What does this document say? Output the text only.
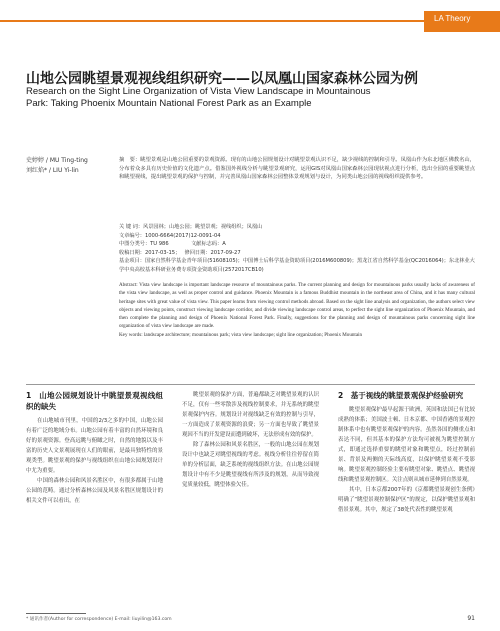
LA Theory
山地公园眺望景观视线组织研究——以凤凰山国家森林公园为例
Research on the Sight Line Organization of Vista View Landscape in Mountainous Park: Taking Phoenix Mountain National Forest Park as an Example
史婷婷 / MU Ting-ting
刘红焰* / LIU Yi-lin
摘　要：眺望景观是山地公园重要的景观资源。现有的山地公园规划设计对眺望景观认识不足，缺少视线的控制和引导。凤凰山作为东北地区佛教名山，分布着众多具有历史价值的文化遗产点。借鉴国外视线分析与眺望景观研究，运用GIS对凤凰山国家森林公园现状视点进行分析，选出全园的重要眺望点和眺望视线，提出眺望景观的保护与控制，并完善凤凰山国家森林公园整体景观规划与设计，为同类山地公园的视线组织提供参考。
关 键 词：风景园林；山地公园；眺望景观；视线组织；凤凰山
文章编号：1000-6664(2017)12-0091-04
中图分类号：TU 986　　　　	文献标志码：A
收稿日期：2017-03-15；　 修回日期：2017-09-27
基金项目：国家自然科学基金青年项目(51608105)；中国博士后科学基金资助项目(2016M600809)；黑龙江省自然科学基金(QC2016064)；东北林业大学中央高校基本科研业务费专项资金资助项目(2572017CB10)
Abstract: Vista view landscape is important landscape resource of mountainous parks. The current planning and design for mountainous parks usually lacks of awareness of the vista view landscape, as well as proper control and guidance. Phoenix Mountain is a famous Buddhist mountain in the northeast area of China, and it has many cultural heritage sites with great value of vista view. This paper learns from viewing control methods abroad. Based on the sight line analysis and organization, the authors select view objects and viewing points, construct viewing landscape corridor, and divide viewing landscape control areas, to perfect the sight line organization of Phoenix Mountain, and then complete the planning and design of Phoenix National Forest Park. Finally, suggestions for the planning and design of mountainous parks concerning sight line organization of vista view landscape are made.
Key words: landscape architecture; mountainous park; vista view landscape; sight line organization; Phoenix Mountain
1　山地公园规划设计中眺望景观视线组织的缺失

在山地城市刊里，中国的2/3之多的中国，山地公园有着广泛的地域分布。山地公园有着丰富的自然环境和良好的景观资源。登高远眺与俯瞰之时，自然的地貌以及丰富的历史人文景观展现在人们的眼前，是最具独特性的景观类型。眺望景观的保护与视线组织在山地公园规划设计中尤为重要。

中国的森林公园和风景名胜区中，有很多都属于山地公园的范畴。通过分析森林公园及风景名胜区规划设计的相关文件可以看出，在

眺望景观的保护方面，普遍都缺乏对眺望景观的认识不足，仅有一些零散涉及视线控制要求，并无系统的眺望景观保护内容。规划设计对视线缺乏有效的控制与引导，一方面造成了景观资源的浪费；另一方面也导致了眺望景观因不当的开发建设而遭到破坏，无法形成有效的保护。

除了森林公园和风景名胜区，一般的山地公园在规划设计中也缺乏对眺望视线的考虑。视线分析往往停留在简单的分析层面，缺乏系统的视线组织方法。在山地公园规划设计中有不少是眺望视线有所涉及的规划，从而导致视觉质量较低，眺望体验欠佳。

2　基于视线的眺望景观保护经验研究

眺望景观保护最早起源于欧洲，英国和法国已有比较成熟的体系；美国波士顿、日本京都、中国香港的景观控制体系中也有眺望景观保护的内容。虽然各国的侧重点和表达不同，但其基本的保护方法均可被视为眺望控制方式，即通过选择重要的眺望对象和眺望点，经过控制前景、背景及两侧的天际线高度，以保护眺望景观不受影响。眺望景观控制经验主要有眺望对象、眺望点、眺望视线和眺望景观控制区。关注点则从城市延伸到自然景观。

其中，日本京都2007年的《京都眺望景观创生条例》明确了“眺望景观控制保护区”的规定，以保护眺望景观和借景景观。其中，规定了38处代表性的眺望景观

* 通讯作者(Author for correspondence) E-mail: liuyilin@163.com	91
